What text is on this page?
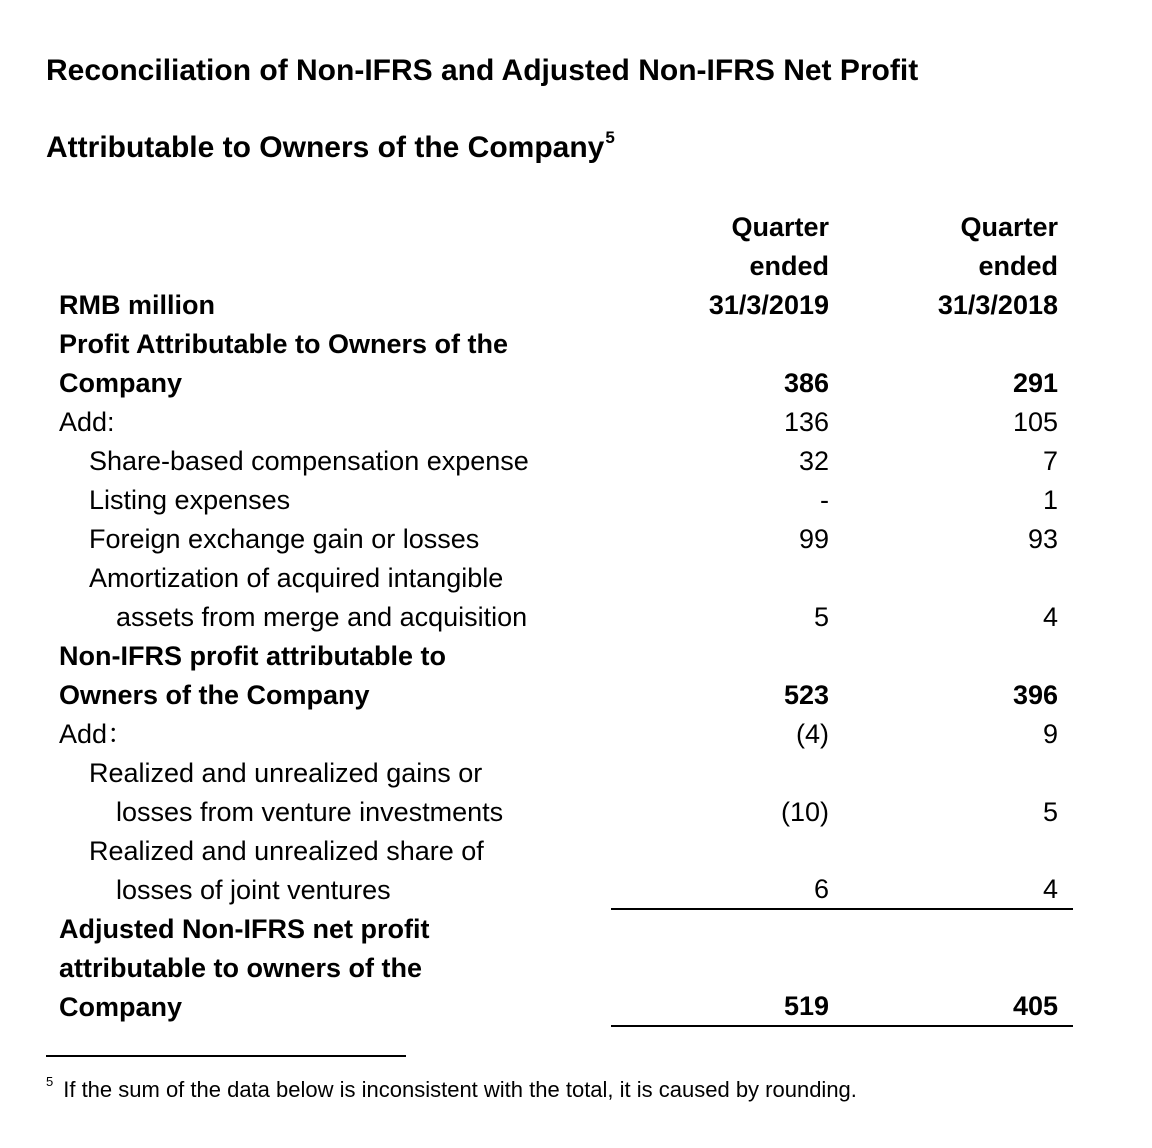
Reconciliation of Non-IFRS and Adjusted Non-IFRS Net Profit
Attributable to Owners of the Company$^5$
	Quarter	Quarter
	ended	ended
RMB million	31/3/2019	31/3/2018
Profit Attributable to Owners of the		
Company	386	291
Add:	136	105
Share-based compensation expense	32	7
Listing expenses	-	1
Foreign exchange gain or losses	99	93
Amortization of acquired intangible		
assets from merge and acquisition	5	4
Non-IFRS profit attributable to		
Owners of the Company	523	396
Add：	(4)	9
Realized and unrealized gains or		
losses from venture investments	(10)	5
Realized and unrealized share of		
losses of joint ventures	6	4
Adjusted Non-IFRS net profit		
attributable to owners of the		
Company	519	405
$^5$ If the sum of the data below is inconsistent with the total, it is caused by rounding.
